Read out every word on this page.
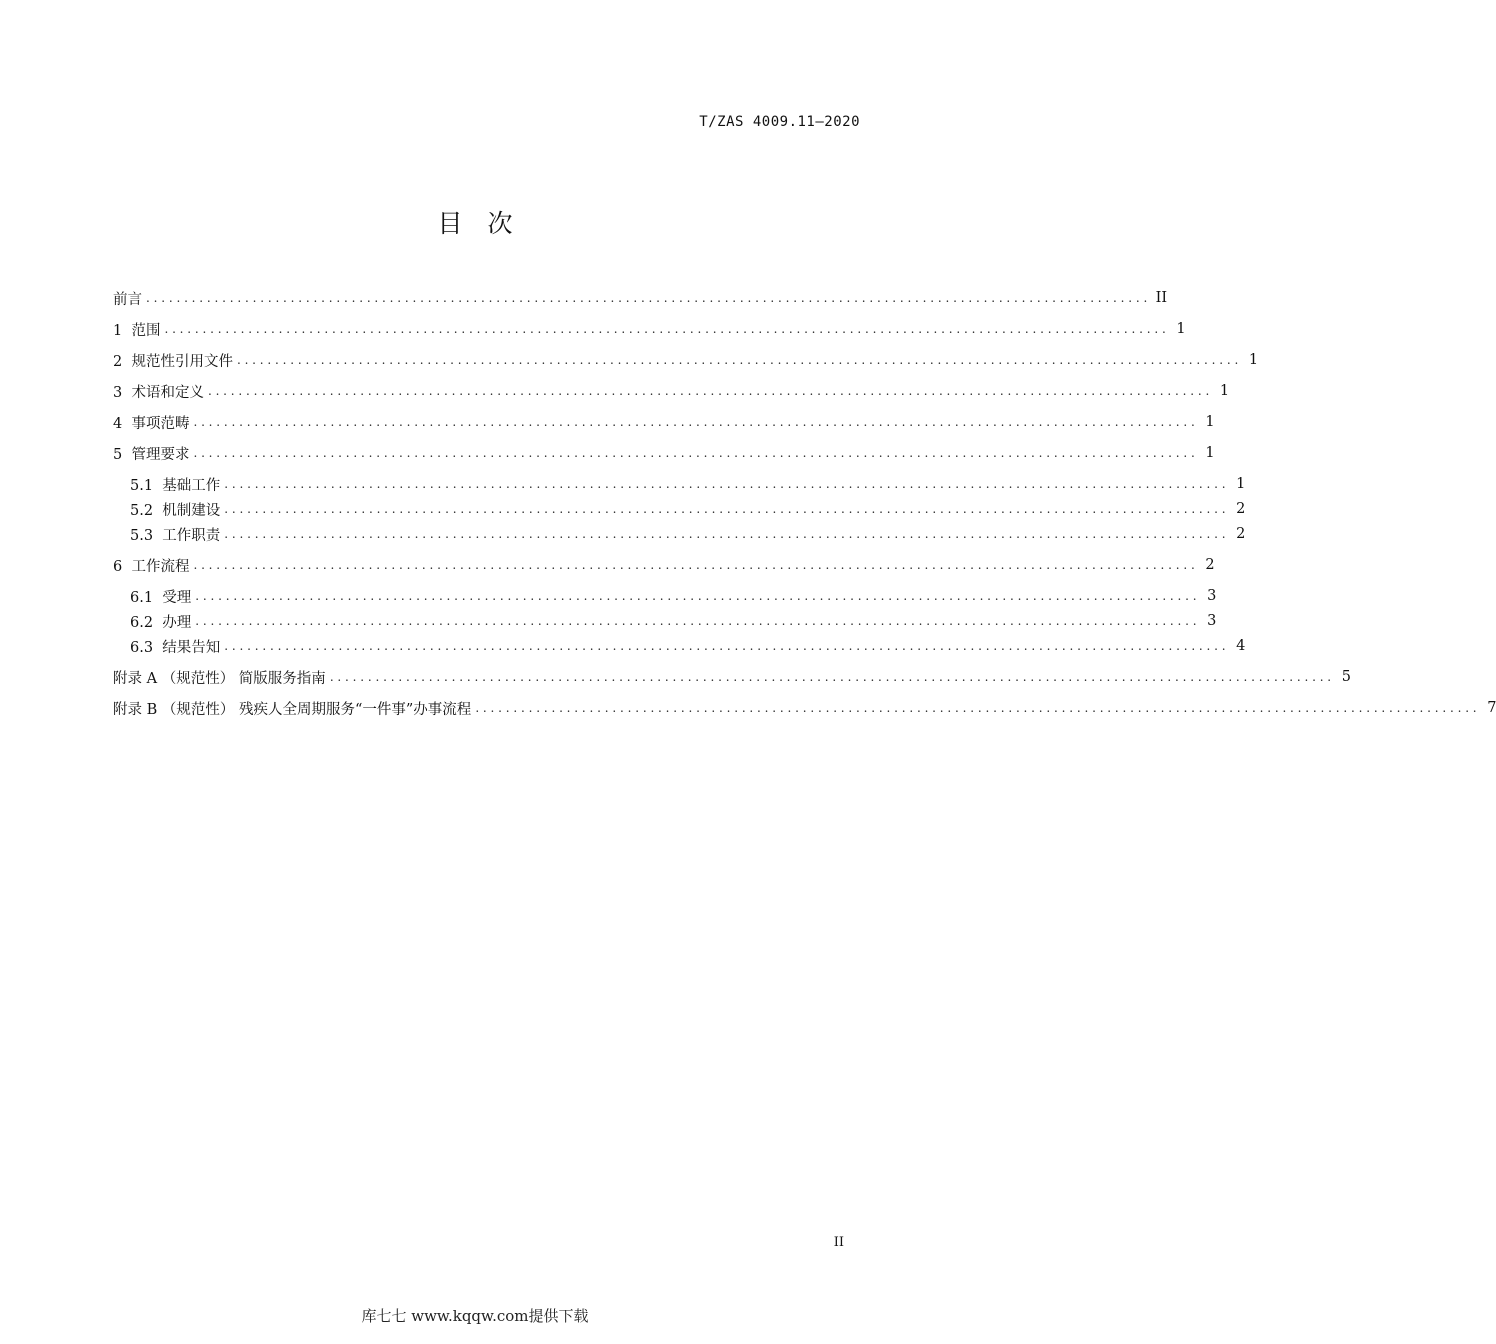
T/ZAS 4009.11—2020
目　次
前言 .................................................................................................................................... II
1  范围 .................................................................................................................................... 1
2  规范性引用文件 .................................................................................................................................... 1
3  术语和定义 .................................................................................................................................... 1
4  事项范畴 .................................................................................................................................... 1
5  管理要求 .................................................................................................................................... 1
5.1  基础工作 .................................................................................................................................... 1
5.2  机制建设 .................................................................................................................................... 2
5.3  工作职责 .................................................................................................................................... 2
6  工作流程 .................................................................................................................................... 2
6.1  受理 .................................................................................................................................... 3
6.2  办理 .................................................................................................................................... 3
6.3  结果告知 .................................................................................................................................... 4
附录 A （规范性） 简版服务指南 .................................................................................................................................... 5
附录 B （规范性） 残疾人全周期服务“一件事”办事流程 .................................................................................................................................... 7
II
库七七 www.kqqw.com提供下载
